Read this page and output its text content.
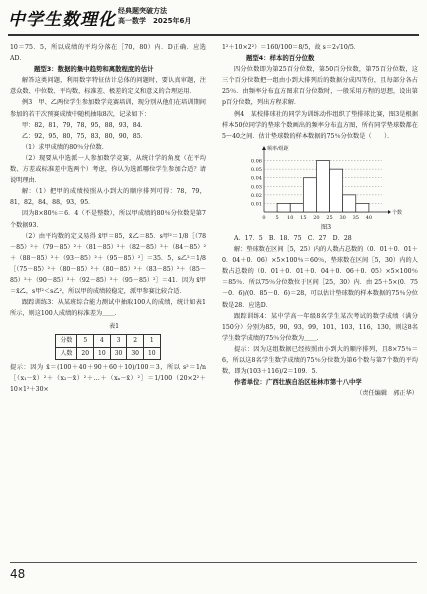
中学生数理化 经典题突破方法
高一数学　2025年6月

10＝75．5，所以成绩的平均分落在［70，80）内．D正确．应选AD．

题型3：数据的集中趋势和离散程度的估计

解答这类问题，利用数字特征估计总体的问题时，要认真审题，注意众数、中位数、平均数、标准差、极差的定义和意义的合理运用．

例3　甲、乙两位学生参加数学竞赛培训，现分别从他们在培训期间参加的若干次预赛成绩中随机抽取8次，记录如下：

甲：82，81，79，78，95，88，93，84．

乙：92，95，80，75，83，80，90，85．

（1）求甲成绩的80％分位数．

（2）现要从中选派一人参加数学竞赛，从统计学的角度（在平均数、方差或标准差中选两个）考虑，你认为选派哪位学生参加合适？请说明理由．

解：（1）把甲的成绩按照从小到大的顺序排列可得：78，79，81，82，84，88，93，95．

因为8×80％＝6．4（不是整数），所以甲成绩的80％分位数是第7个数据93．

（2）由平均数的定义易得 x̄甲＝85，x̄乙＝85．s甲²＝1/8［（78－85）²＋（79－85）²＋（81－85）²＋（82－85）²＋（84－85）²＋（88－85）²＋（93－85）²＋（95－85）²］＝35．5，s乙²＝1/8［（75－85）²＋（80－85）²＋（80－85）²＋（83－85）²＋（85－85）²＋（90－85）²＋（92－85）²＋（95－85）²］＝41．因为 x̄甲＝x̄乙，s甲²＜s乙²，所以甲的成绩较稳定，派甲参赛比较合适．

跟踪训练3：从某班综合能力测试中抽取100人的成绩，统计如表1所示，则这100人成绩的标准差为＿＿．

表1

分数	5	4	3	2	1
人数	20	10	30	30	10

提示：因为 x̄＝(100＋40＋90＋60＋10)/100＝3，所以 s²＝1/n［（x₁－x̄）²＋（x₂－x̄）²＋…＋（xₙ－x̄）²］＝1/100（20×2²＋10×1²＋30×

1²＋10×2²）＝160/100＝8/5，故 s＝2√10/5．

题型4：样本的百分位数

四分位数即为第25百分位数，第50百分位数，第75百分位数，这三个百分位数把一组由小到大排列后的数据分成四等份，且每部分各占25％．由频率分布直方图求百分位数时，一般采用方程的思想，设出第p百分位数，列出方程求解．

例4　某校排球社的同学为训练动作组织了垫排球比赛，图3是根据样本50位同学的垫球个数画出的频率分布直方图，所有同学垫球数都在5～40之间．估计垫球数的样本数据的75％分位数是（　　）．

0.01
0.02
0.03
0.04
0.05
0.06
0 5 10 15 20 25 30 35 40
频率/组距
个数

图3

A．17．5　B．18．75　C．27　D．28

解：垫球数在区间［5，25）内的人数占总数的（0．01＋0．01＋0．04＋0．06）×5×100％＝60％，垫球数在区间［5，30）内的人数占总数的（0．01＋0．01＋0．04＋0．06＋0．05）×5×100％＝85％．所以75％分位数位于区间［25，30）内．由 25＋5×(0．75－0．6)/(0．85－0．6)＝28，可以估计垫球数的样本数据的75％分位数是28．应选D．

跟踪训练4：某中学高一年级8名学生某次考试的数学成绩（满分150分）分别为85，90，93，99，101，103，116，130，则这8名学生数学成绩的75％分位数为＿＿．

提示：因为这组数据已经按照由小到大的顺序排列，且8×75％＝6，所以这8名学生数学成绩的75％分位数为第6个数与第7个数的平均数，即为(103＋116)/2＝109．5．

作者单位：广西壮族自治区桂林市第十八中学

（责任编辑　郭正华）

48
